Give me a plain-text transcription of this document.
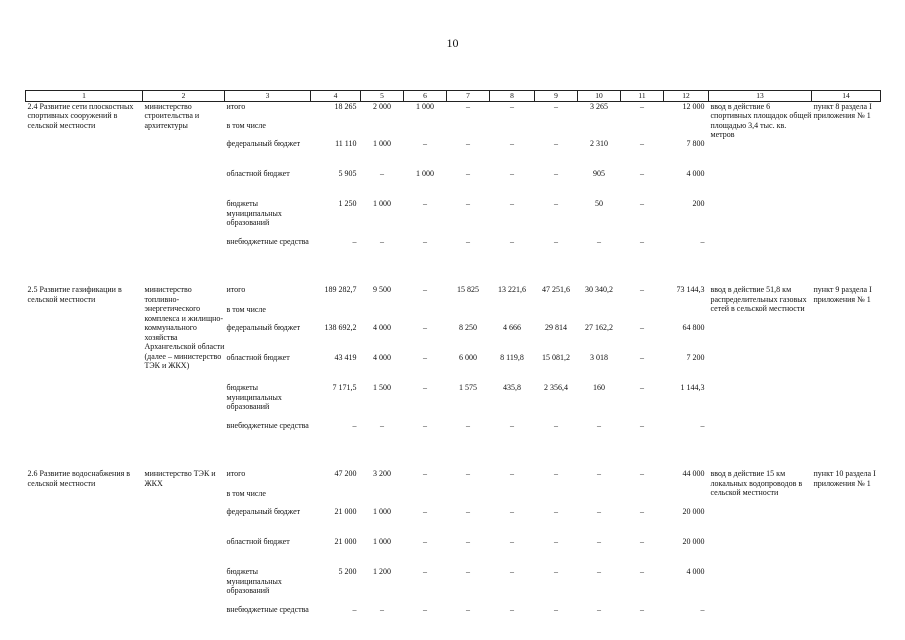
10
1	2	3	4	5	6	7	8	9	10	11	12	13	14
2.4 Развитие сети плоскостных спортивных сооружений в сельской местности	министерство строительства и архитектуры	итого	18 265	2 000	1 000	–	–	–	3 265	–	12 000	ввод в действие 6 спортивных площадок общей площадью 3,4 тыс. кв. метров	пункт 8 раздела I приложения № 1
		в том числе											
		федеральный бюджет	11 110	1 000	–	–	–	–	2 310	–	7 800		
		областной бюджет	5 905	–	1 000	–	–	–	905	–	4 000		
		бюджеты муниципальных образований	1 250	1 000	–	–	–	–	50	–	200		
		внебюджетные средства	–	–	–	–	–	–	–	–	–		

2.5 Развитие газификации в сельской местности	министерство топливно-энергетического комплекса и жилищно-коммунального хозяйства Архангельской области (далее – министерство ТЭК и ЖКХ)	итого	189 282,7	9 500	–	15 825	13 221,6	47 251,6	30 340,2	–	73 144,3	ввод в действие 51,8 км распределительных газовых сетей в сельской местности	пункт 9 раздела I приложения № 1
		в том числе											
		федеральный бюджет	138 692,2	4 000	–	8 250	4 666	29 814	27 162,2	–	64 800		
		областной бюджет	43 419	4 000	–	6 000	8 119,8	15 081,2	3 018	–	7 200		
		бюджеты муниципальных образований	7 171,5	1 500	–	1 575	435,8	2 356,4	160	–	1 144,3		
		внебюджетные средства	–	–	–	–	–	–	–	–	–		

2.6 Развитие водоснабжения в сельской местности	министерство ТЭК и ЖКХ	итого	47 200	3 200	–	–	–	–	–	–	44 000	ввод в действие 15 км локальных водопроводов в сельской местности	пункт 10 раздела I приложения № 1
		в том числе											
		федеральный бюджет	21 000	1 000	–	–	–	–	–	–	20 000		
		областной бюджет	21 000	1 000	–	–	–	–	–	–	20 000		
		бюджеты муниципальных образований	5 200	1 200	–	–	–	–	–	–	4 000		
		внебюджетные средства	–	–	–	–	–	–	–	–	–		
